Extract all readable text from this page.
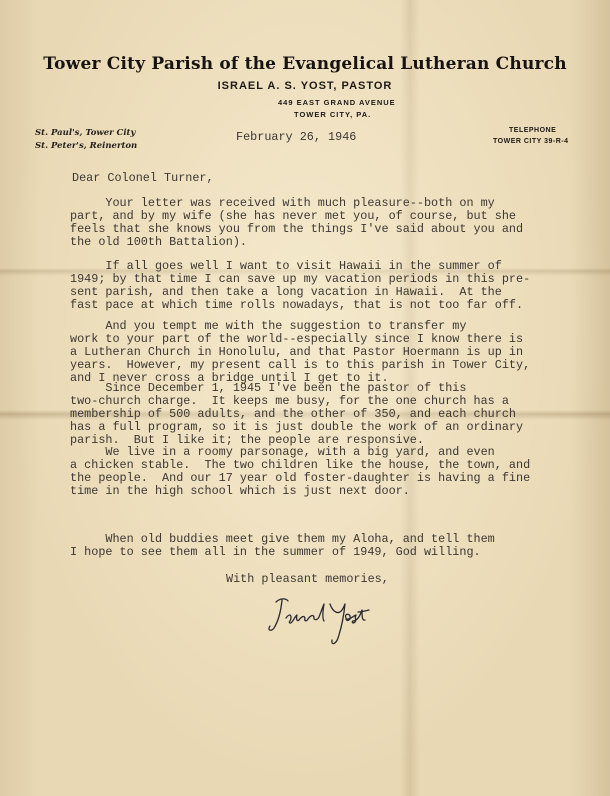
Tower City Parish of the Evangelical Lutheran Church
ISRAEL A. S. YOST, PASTOR
449 EAST GRAND AVENUE
TOWER CITY, PA.
St. Paul's, Tower City
St. Peter's, Reinerton
TELEPHONE
TOWER CITY 39-R-4
February 26, 1946
Dear Colonel Turner,
Your letter was received with much pleasure--both on my
part, and by my wife (she has never met you, of course, but she
feels that she knows you from the things I've said about you and
the old 100th Battalion).
If all goes well I want to visit Hawaii in the summer of
1949; by that time I can save up my vacation periods in this pre-
sent parish, and then take a long vacation in Hawaii.  At the
fast pace at which time rolls nowadays, that is not too far off.
And you tempt me with the suggestion to transfer my
work to your part of the world--especially since I know there is
a Lutheran Church in Honolulu, and that Pastor Hoermann is up in
years.  However, my present call is to this parish in Tower City,
and I never cross a bridge until I get to it.
Since December 1, 1945 I've been the pastor of this
two-church charge.  It keeps me busy, for the one church has a
membership of 500 adults, and the other of 350, and each church
has a full program, so it is just double the work of an ordinary
parish.  But I like it; the people are responsive.
We live in a roomy parsonage, with a big yard, and even
a chicken stable.  The two children like the house, the town, and
the people.  And our 17 year old foster-daughter is having a fine
time in the high school which is just next door.
When old buddies meet give them my Aloha, and tell them
I hope to see them all in the summer of 1949, God willing.
With pleasant memories,
